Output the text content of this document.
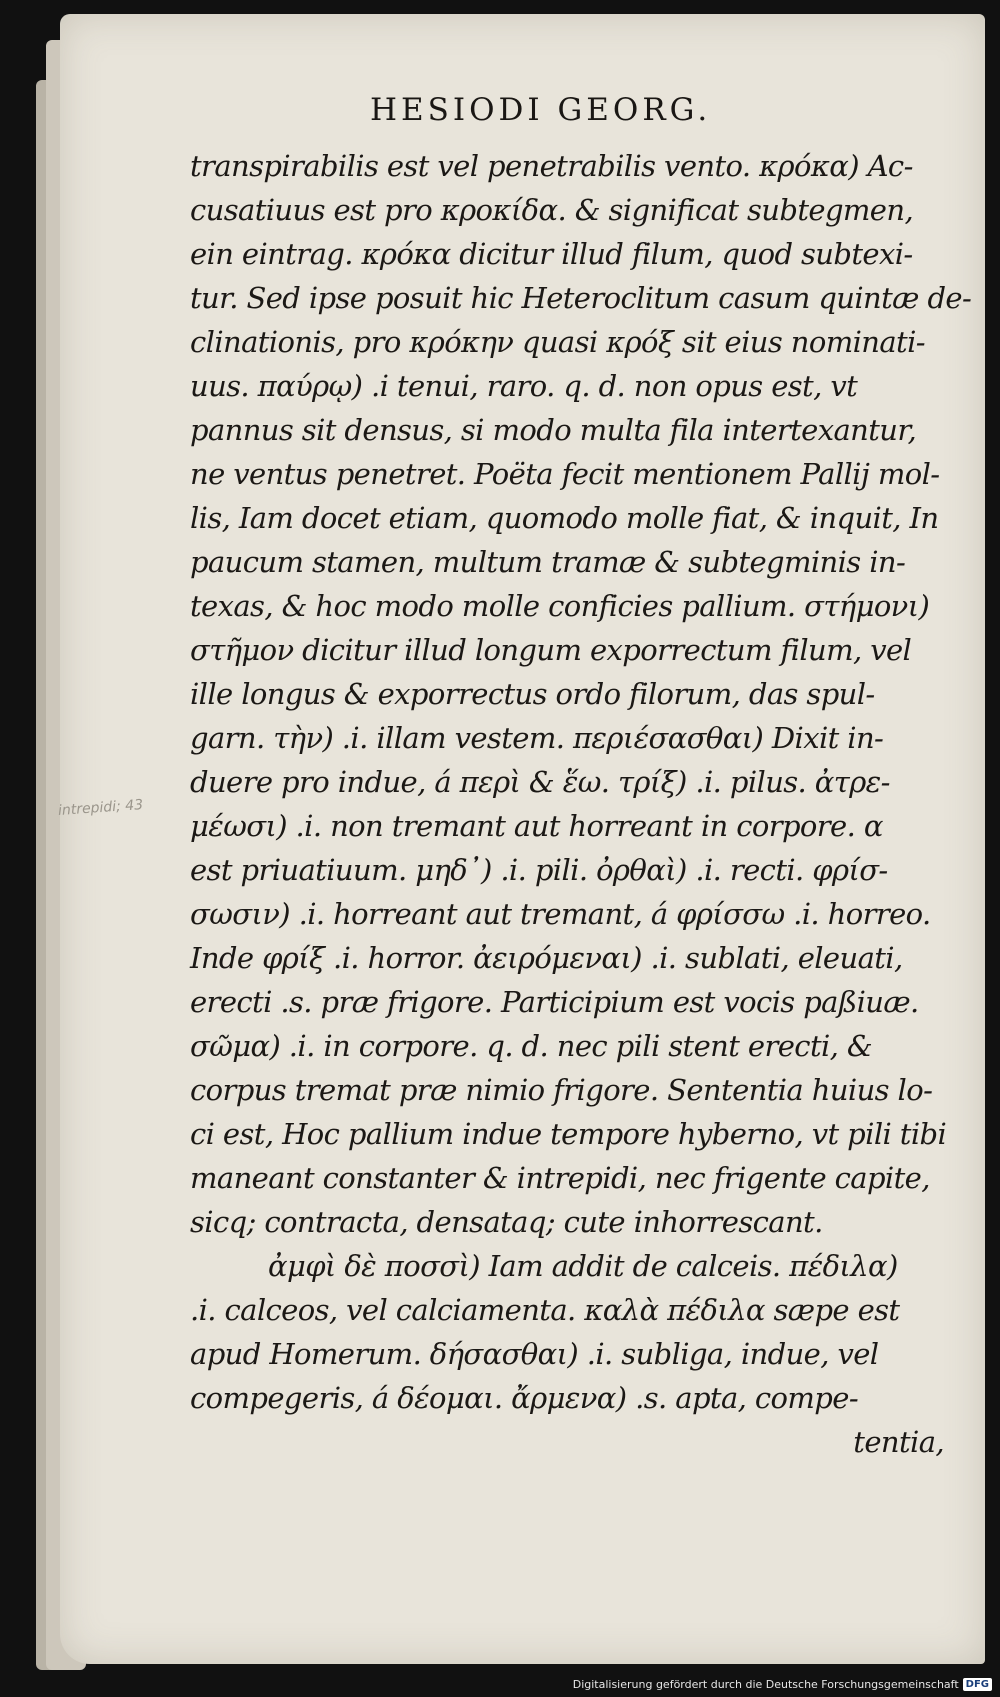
HESIODI GEORG.
intrepidi; 43
transpirabilis est vel penetrabilis vento. κρόκα) Ac-
cusatiuus est pro κροκίδα. & significat subtegmen,
ein eintrag. κρόκα dicitur illud filum, quod subtexi-
tur. Sed ipse posuit hic Heteroclitum casum quintæ de-
clinationis, pro κρόκην quasi κρόξ sit eius nominati-
uus. παύρῳ) .i tenui, raro. q. d. non opus est, vt
pannus sit densus, si modo multa fila intertexantur,
ne ventus penetret. Poëta fecit mentionem Pallij mol-
lis, Iam docet etiam, quomodo molle fiat, & inquit, In
paucum stamen, multum tramæ & subtegminis in-
texas, & hoc modo molle conficies pallium. στήμονι)
στῆμον dicitur illud longum exporrectum filum, vel
ille longus & exporrectus ordo filorum, das spul-
garn. τὴν) .i. illam vestem. περιέσασθαι) Dixit in-
duere pro indue, á περὶ & ἕω. τρίξ) .i. pilus. ἀτρε-
μέωσι) .i. non tremant aut horreant in corpore. α
est priuatiuum. μηδ᾽) .i. pili. ὀρθαὶ) .i. recti. φρίσ-
σωσιν) .i. horreant aut tremant, á φρίσσω .i. horreo.
Inde φρίξ .i. horror. ἀειρόμεναι) .i. sublati, eleuati,
erecti .s. præ frigore. Participium est vocis paßiuæ.
σῶμα) .i. in corpore. q. d. nec pili stent erecti, &
corpus tremat præ nimio frigore. Sententia huius lo-
ci est, Hoc pallium indue tempore hyberno, vt pili tibi
maneant constanter & intrepidi, nec frigente capite,
sicq; contracta, densataq; cute inhorrescant.
ἀμφὶ δὲ ποσσὶ) Iam addit de calceis. πέδιλα)
.i. calceos, vel calciamenta. καλὰ πέδιλα sæpe est
apud Homerum. δήσασθαι) .i. subliga, indue, vel
compegeris, á δέομαι. ἄρμενα) .s. apta, compe-
tentia,
Digitalisierung gefördert durch die Deutsche Forschungsgemeinschaft DFG
